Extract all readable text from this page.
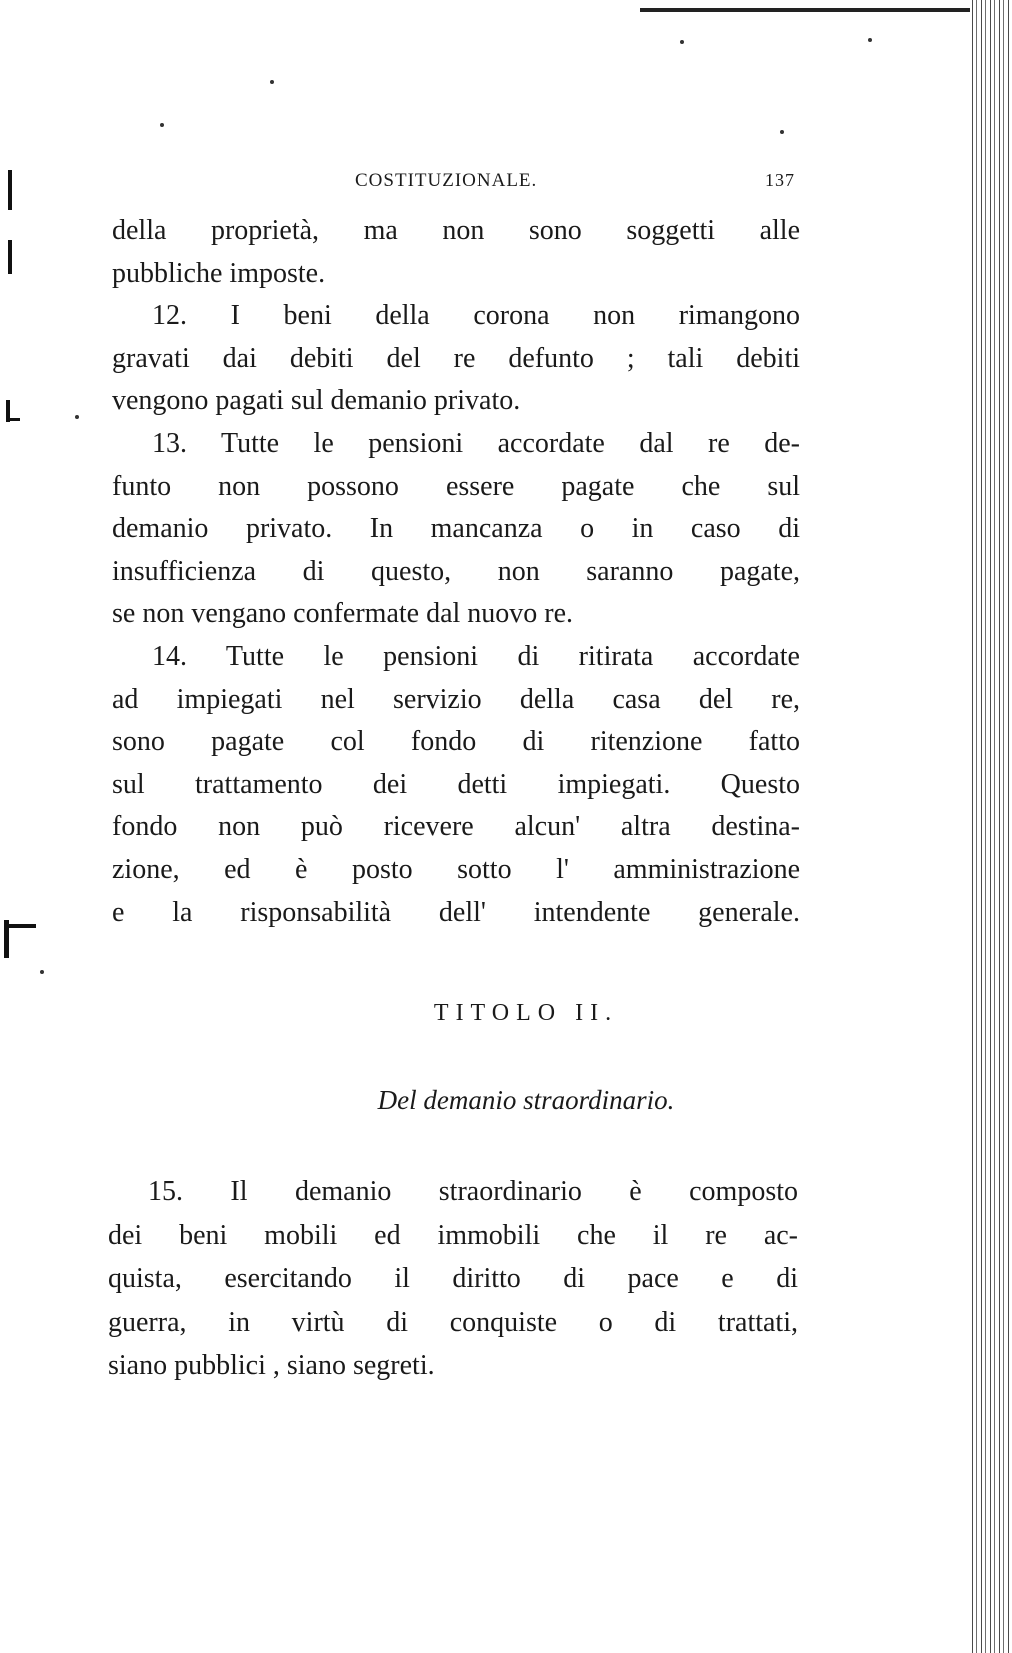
COSTITUZIONALE.	137
della proprietà, ma non sono soggetti alle
pubbliche imposte.
12. I beni della corona non rimangono
gravati dai debiti del re defunto ; tali debiti
vengono pagati sul demanio privato.
13. Tutte le pensioni accordate dal re de-
funto non possono essere pagate che sul
demanio privato. In mancanza o in caso di
insufficienza di questo, non saranno pagate,
se non vengano confermate dal nuovo re.
14. Tutte le pensioni di ritirata accordate
ad impiegati nel servizio della casa del re,
sono pagate col fondo di ritenzione fatto
sul trattamento dei detti impiegati. Questo
fondo non può ricevere alcun' altra destina-
zione, ed è posto sotto l' amministrazione
e la risponsabilità dell' intendente generale.
TITOLO II.
Del demanio straordinario.
15. Il demanio straordinario è composto
dei beni mobili ed immobili che il re ac-
quista, esercitando il diritto di pace e di
guerra, in virtù di conquiste o di trattati,
siano pubblici , siano segreti.
